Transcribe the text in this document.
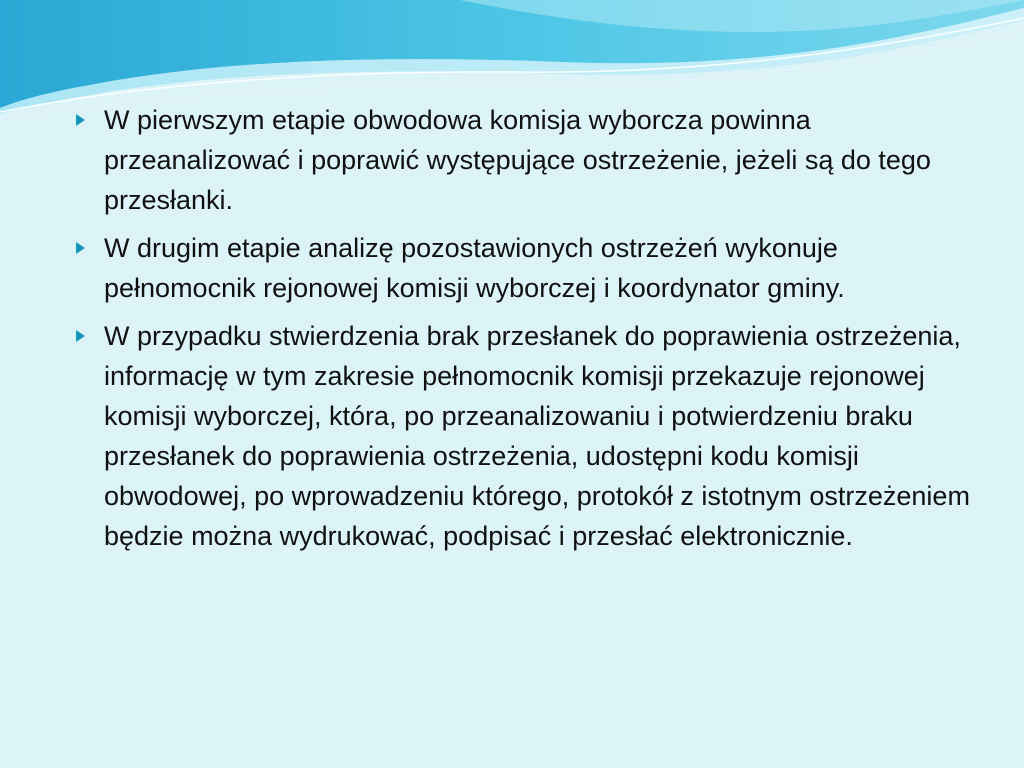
W pierwszym etapie obwodowa komisja wyborcza powinna przeanalizować i poprawić występujące ostrzeżenie, jeżeli są do tego przesłanki.
W drugim etapie analizę pozostawionych ostrzeżeń wykonuje pełnomocnik rejonowej komisji wyborczej i koordynator gminy.
W przypadku stwierdzenia brak przesłanek do poprawienia ostrzeżenia, informację w tym zakresie pełnomocnik komisji przekazuje rejonowej komisji wyborczej, która, po przeanalizowaniu i potwierdzeniu braku przesłanek do poprawienia ostrzeżenia, udostępni kodu komisji obwodowej, po wprowadzeniu którego, protokół z istotnym ostrzeżeniem będzie można wydrukować, podpisać i przesłać elektronicznie.
